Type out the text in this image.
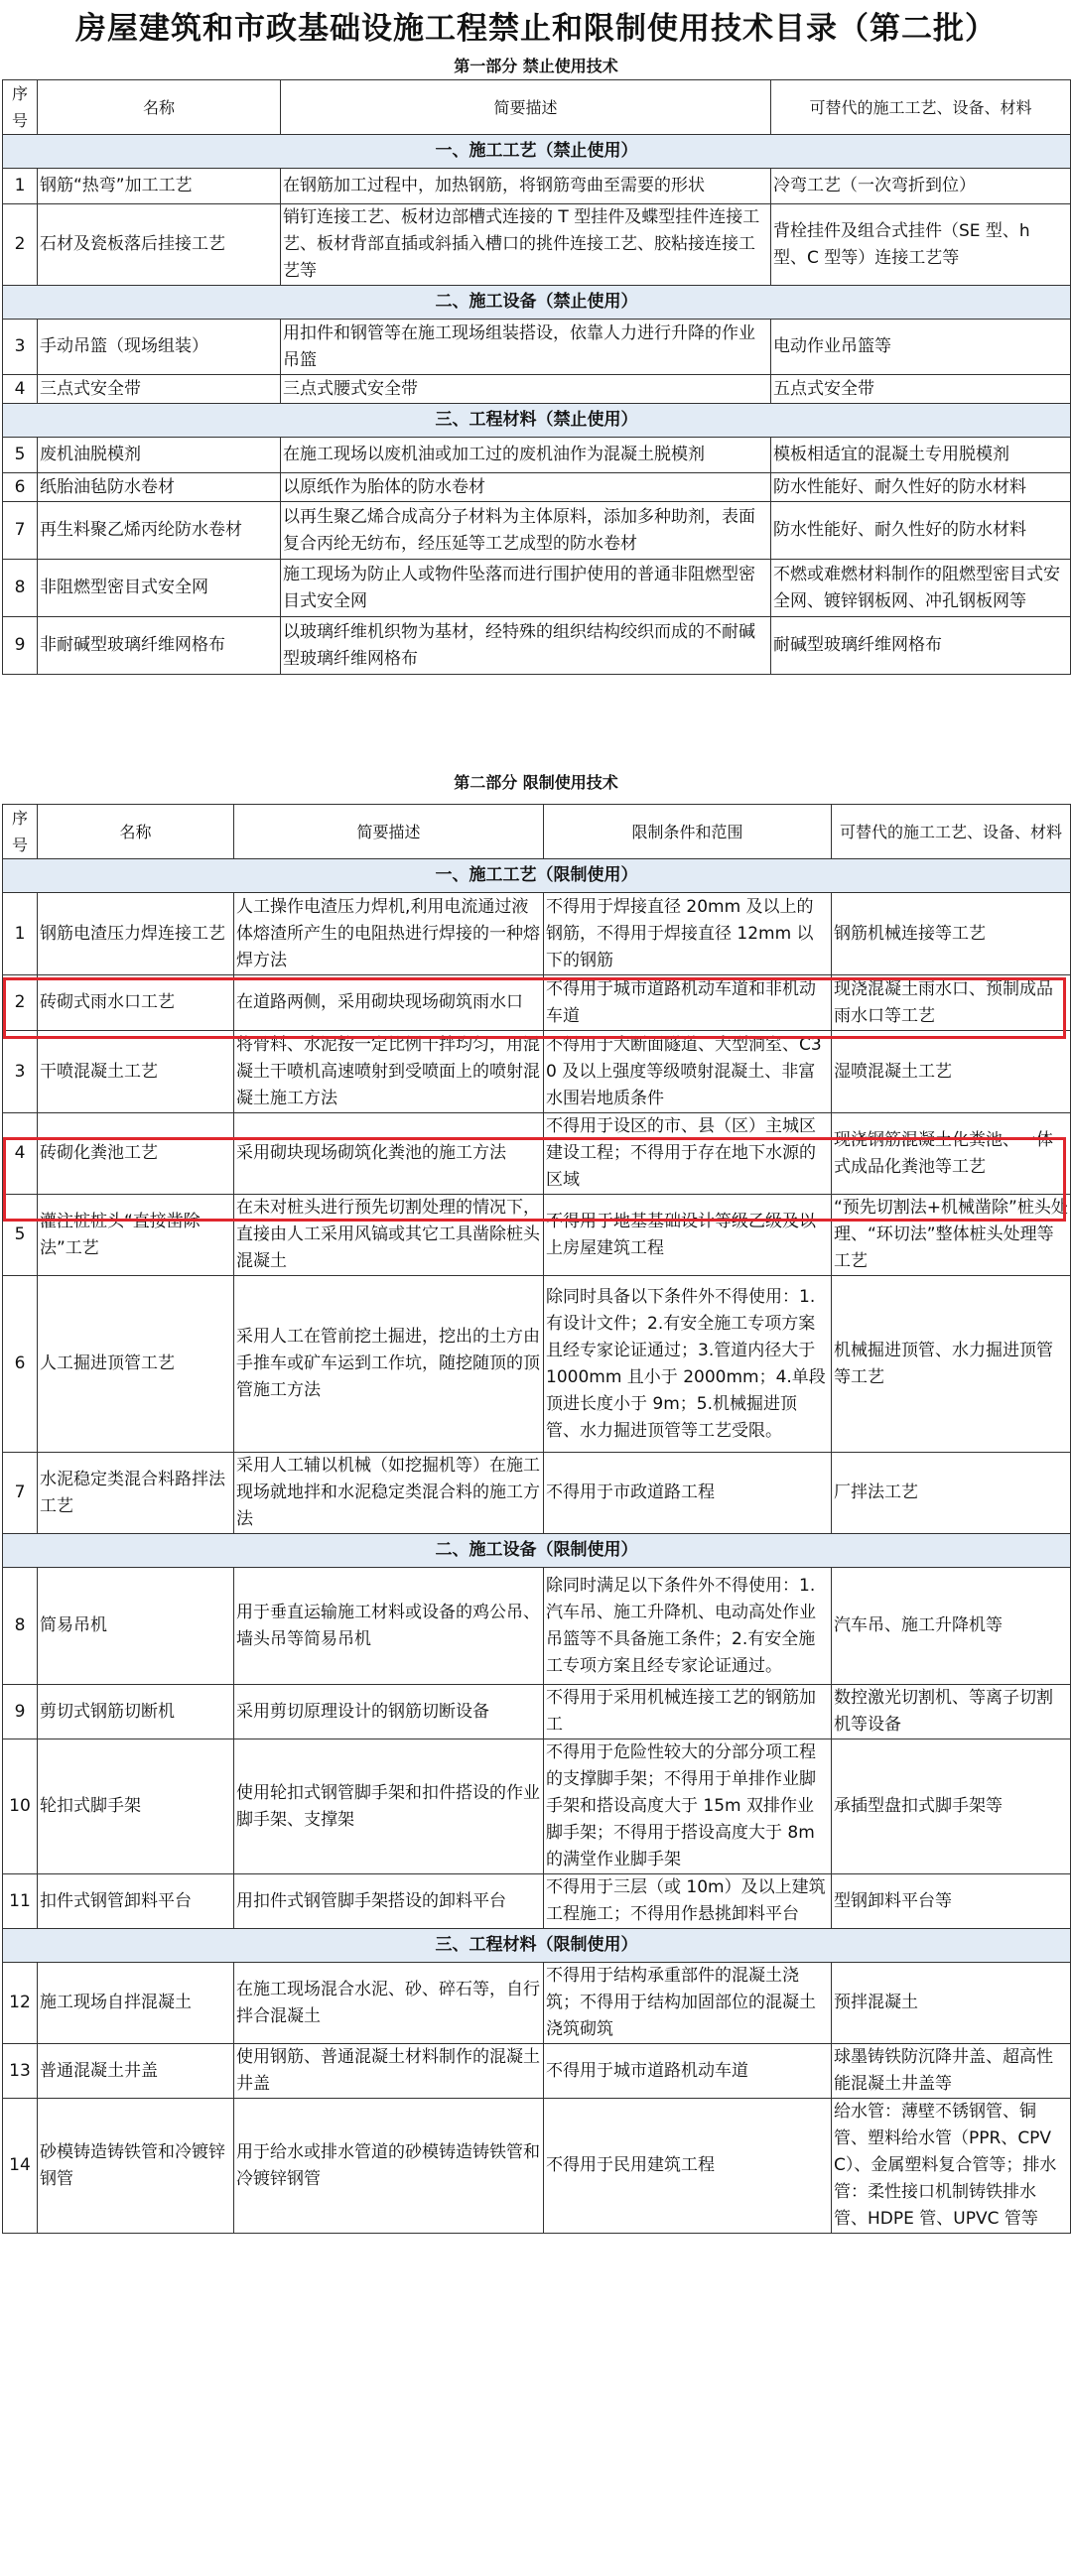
房屋建筑和市政基础设施工程禁止和限制使用技术目录（第二批）
第一部分 禁止使用技术
序号	名称	简要描述	可替代的施工工艺、设备、材料
一、施工工艺（禁止使用）			
1	钢筋“热弯”加工工艺	在钢筋加工过程中，加热钢筋，将钢筋弯曲至需要的形状	冷弯工艺（一次弯折到位）
2	石材及瓷板落后挂接工艺	销钉连接工艺、板材边部槽式连接的 T 型挂件及蝶型挂件连接工艺、板材背部直插或斜插入槽口的挑件连接工艺、胶粘接连接工艺等	背栓挂件及组合式挂件（SE 型、h 型、C 型等）连接工艺等
二、施工设备（禁止使用）			
3	手动吊篮（现场组装）	用扣件和钢管等在施工现场组装搭设，依靠人力进行升降的作业吊篮	电动作业吊篮等
4	三点式安全带	三点式腰式安全带	五点式安全带
三、工程材料（禁止使用）			
5	废机油脱模剂	在施工现场以废机油或加工过的废机油作为混凝土脱模剂	模板相适宜的混凝土专用脱模剂
6	纸胎油毡防水卷材	以原纸作为胎体的防水卷材	防水性能好、耐久性好的防水材料
7	再生料聚乙烯丙纶防水卷材	以再生聚乙烯合成高分子材料为主体原料，添加多种助剂，表面复合丙纶无纺布，经压延等工艺成型的防水卷材	防水性能好、耐久性好的防水材料
8	非阻燃型密目式安全网	施工现场为防止人或物件坠落而进行围护使用的普通非阻燃型密目式安全网	不燃或难燃材料制作的阻燃型密目式安全网、镀锌钢板网、冲孔钢板网等
9	非耐碱型玻璃纤维网格布	以玻璃纤维机织物为基材，经特殊的组织结构绞织而成的不耐碱型玻璃纤维网格布	耐碱型玻璃纤维网格布
第二部分 限制使用技术
序号	名称	简要描述	限制条件和范围	可替代的施工工艺、设备、材料
一、施工工艺（限制使用）				
1	钢筋电渣压力焊连接工艺	人工操作电渣压力焊机,利用电流通过液体熔渣所产生的电阻热进行焊接的一种熔焊方法	不得用于焊接直径 20mm 及以上的钢筋，不得用于焊接直径 12mm 以下的钢筋	钢筋机械连接等工艺
2	砖砌式雨水口工艺	在道路两侧，采用砌块现场砌筑雨水口	不得用于城市道路机动车道和非机动车道	现浇混凝土雨水口、预制成品雨水口等工艺
3	干喷混凝土工艺	将骨料、水泥按一定比例干拌均匀，用混凝土干喷机高速喷射到受喷面上的喷射混凝土施工方法	不得用于大断面隧道、大型洞室、C30 及以上强度等级喷射混凝土、非富水围岩地质条件	湿喷混凝土工艺
4	砖砌化粪池工艺	采用砌块现场砌筑化粪池的施工方法	不得用于设区的市、县（区）主城区建设工程；不得用于存在地下水源的区域	现浇钢筋混凝土化粪池、一体式成品化粪池等工艺
5	灌注桩桩头“直接凿除法”工艺	在未对桩头进行预先切割处理的情况下，直接由人工采用风镐或其它工具凿除桩头混凝土	不得用于地基基础设计等级乙级及以上房屋建筑工程	“预先切割法+机械凿除”桩头处理、“环切法”整体桩头处理等工艺
6	人工掘进顶管工艺	采用人工在管前挖土掘进，挖出的土方由手推车或矿车运到工作坑，随挖随顶的顶管施工方法	除同时具备以下条件外不得使用：1.有设计文件；2.有安全施工专项方案且经专家论证通过；3.管道内径大于 1000mm 且小于 2000mm；4.单段顶进长度小于 9m；5.机械掘进顶管、水力掘进顶管等工艺受限。	机械掘进顶管、水力掘进顶管等工艺
7	水泥稳定类混合料路拌法工艺	采用人工辅以机械（如挖掘机等）在施工现场就地拌和水泥稳定类混合料的施工方法	不得用于市政道路工程	厂拌法工艺
二、施工设备（限制使用）				
8	简易吊机	用于垂直运输施工材料或设备的鸡公吊、墙头吊等简易吊机	除同时满足以下条件外不得使用：1.汽车吊、施工升降机、电动高处作业吊篮等不具备施工条件；2.有安全施工专项方案且经专家论证通过。	汽车吊、施工升降机等
9	剪切式钢筋切断机	采用剪切原理设计的钢筋切断设备	不得用于采用机械连接工艺的钢筋加工	数控激光切割机、等离子切割机等设备
10	轮扣式脚手架	使用轮扣式钢管脚手架和扣件搭设的作业脚手架、支撑架	不得用于危险性较大的分部分项工程的支撑脚手架；不得用于单排作业脚手架和搭设高度大于 15m 双排作业脚手架；不得用于搭设高度大于 8m 的满堂作业脚手架	承插型盘扣式脚手架等
11	扣件式钢管卸料平台	用扣件式钢管脚手架搭设的卸料平台	不得用于三层（或 10m）及以上建筑工程施工；不得用作悬挑卸料平台	型钢卸料平台等
三、工程材料（限制使用）				
12	施工现场自拌混凝土	在施工现场混合水泥、砂、碎石等，自行拌合混凝土	不得用于结构承重部件的混凝土浇筑；不得用于结构加固部位的混凝土浇筑砌筑	预拌混凝土
13	普通混凝土井盖	使用钢筋、普通混凝土材料制作的混凝土井盖	不得用于城市道路机动车道	球墨铸铁防沉降井盖、超高性能混凝土井盖等
14	砂模铸造铸铁管和冷镀锌钢管	用于给水或排水管道的砂模铸造铸铁管和冷镀锌钢管	不得用于民用建筑工程	给水管：薄壁不锈钢管、铜管、塑料给水管（PPR、CPVC）、金属塑料复合管等；排水管：柔性接口机制铸铁排水管、HDPE 管、UPVC 管等
